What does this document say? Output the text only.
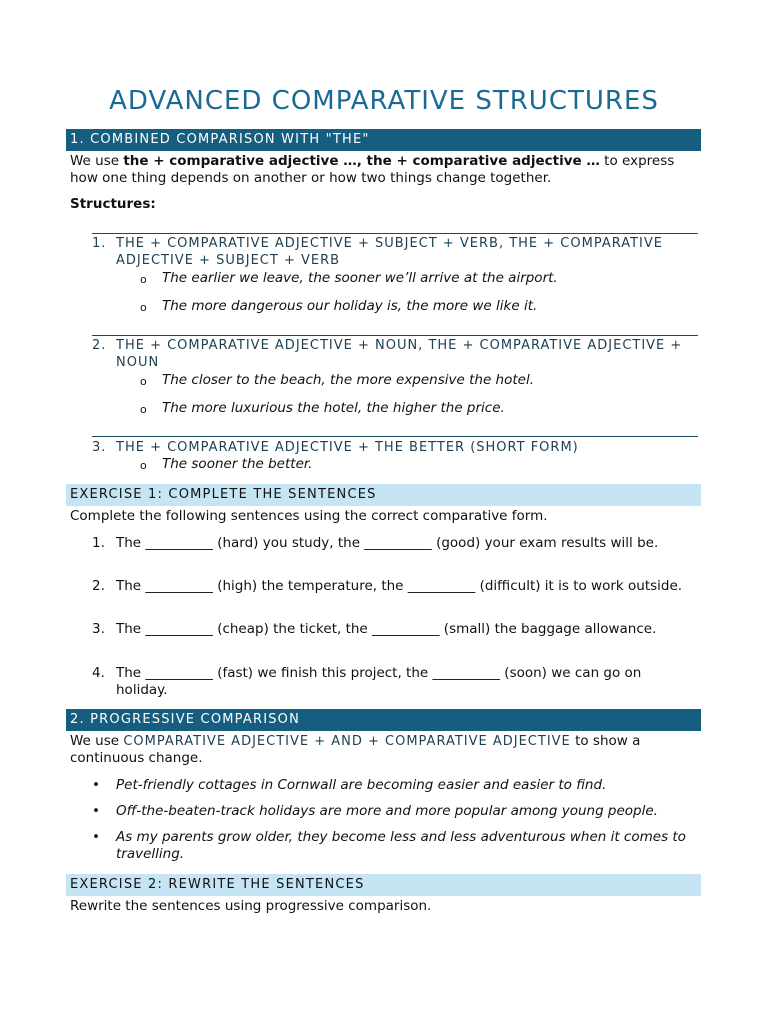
ADVANCED COMPARATIVE STRUCTURES
1. COMBINED COMPARISON WITH "THE"
We use the + comparative adjective …, the + comparative adjective … to express how one thing depends on another or how two things change together.
Structures:
1. THE + COMPARATIVE ADJECTIVE + SUBJECT + VERB, THE + COMPARATIVE ADJECTIVE + SUBJECT + VERB
o The earlier we leave, the sooner we’ll arrive at the airport.
o The more dangerous our holiday is, the more we like it.
2. THE + COMPARATIVE ADJECTIVE + NOUN, THE + COMPARATIVE ADJECTIVE + NOUN
o The closer to the beach, the more expensive the hotel.
o The more luxurious the hotel, the higher the price.
3. THE + COMPARATIVE ADJECTIVE + THE BETTER (SHORT FORM)
o The sooner the better.
EXERCISE 1: COMPLETE THE SENTENCES
Complete the following sentences using the correct comparative form.
1. The __________ (hard) you study, the __________ (good) your exam results will be.
2. The __________ (high) the temperature, the __________ (difficult) it is to work outside.
3. The __________ (cheap) the ticket, the __________ (small) the baggage allowance.
4. The __________ (fast) we finish this project, the __________ (soon) we can go on holiday.
2. PROGRESSIVE COMPARISON
We use COMPARATIVE ADJECTIVE + AND + COMPARATIVE ADJECTIVE to show a continuous change.
• Pet-friendly cottages in Cornwall are becoming easier and easier to find.
• Off-the-beaten-track holidays are more and more popular among young people.
• As my parents grow older, they become less and less adventurous when it comes to travelling.
EXERCISE 2: REWRITE THE SENTENCES
Rewrite the sentences using progressive comparison.
